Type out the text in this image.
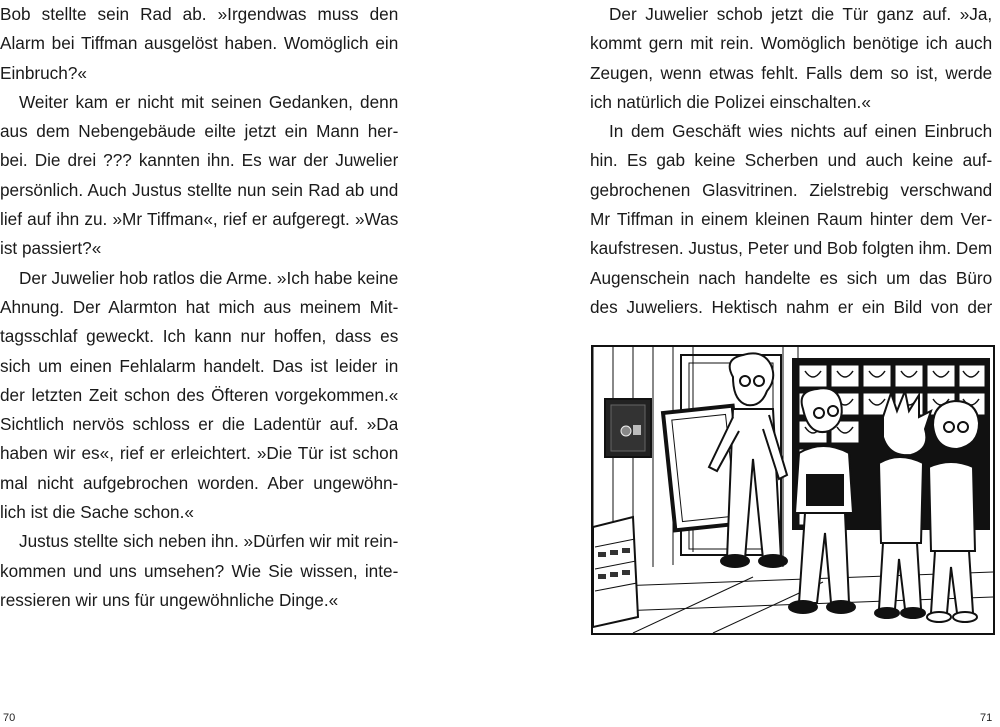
Bob stellte sein Rad ab. »Irgendwas muss den
Alarm bei Tiffman ausgelöst haben. Womöglich ein
Einbruch?«
Weiter kam er nicht mit seinen Gedanken, denn
aus dem Nebengebäude eilte jetzt ein Mann her-
bei. Die drei ??? kannten ihn. Es war der Juwelier
persönlich. Auch Justus stellte nun sein Rad ab und
lief auf ihn zu. »Mr Tiffman«, rief er aufgeregt. »Was
ist passiert?«
Der Juwelier hob ratlos die Arme. »Ich habe keine
Ahnung. Der Alarmton hat mich aus meinem Mit-
tagsschlaf geweckt. Ich kann nur hoffen, dass es
sich um einen Fehlalarm handelt. Das ist leider in
der letzten Zeit schon des Öfteren vorgekommen.«
Sichtlich nervös schloss er die Ladentür auf. »Da
haben wir es«, rief er erleichtert. »Die Tür ist schon
mal nicht aufgebrochen worden. Aber ungewöhn-
lich ist die Sache schon.«
Justus stellte sich neben ihn. »Dürfen wir mit rein-
kommen und uns umsehen? Wie Sie wissen, inte-
ressieren wir uns für ungewöhnliche Dinge.«
Der Juwelier schob jetzt die Tür ganz auf. »Ja,
kommt gern mit rein. Womöglich benötige ich auch
Zeugen, wenn etwas fehlt. Falls dem so ist, werde
ich natürlich die Polizei einschalten.«
In dem Geschäft wies nichts auf einen Einbruch
hin. Es gab keine Scherben und auch keine auf-
gebrochenen Glasvitrinen. Zielstrebig verschwand
Mr Tiffman in einem kleinen Raum hinter dem Ver-
kaufstresen. Justus, Peter und Bob folgten ihm. Dem
Augenschein nach handelte es sich um das Büro
des Juweliers. Hektisch nahm er ein Bild von der
70	71
